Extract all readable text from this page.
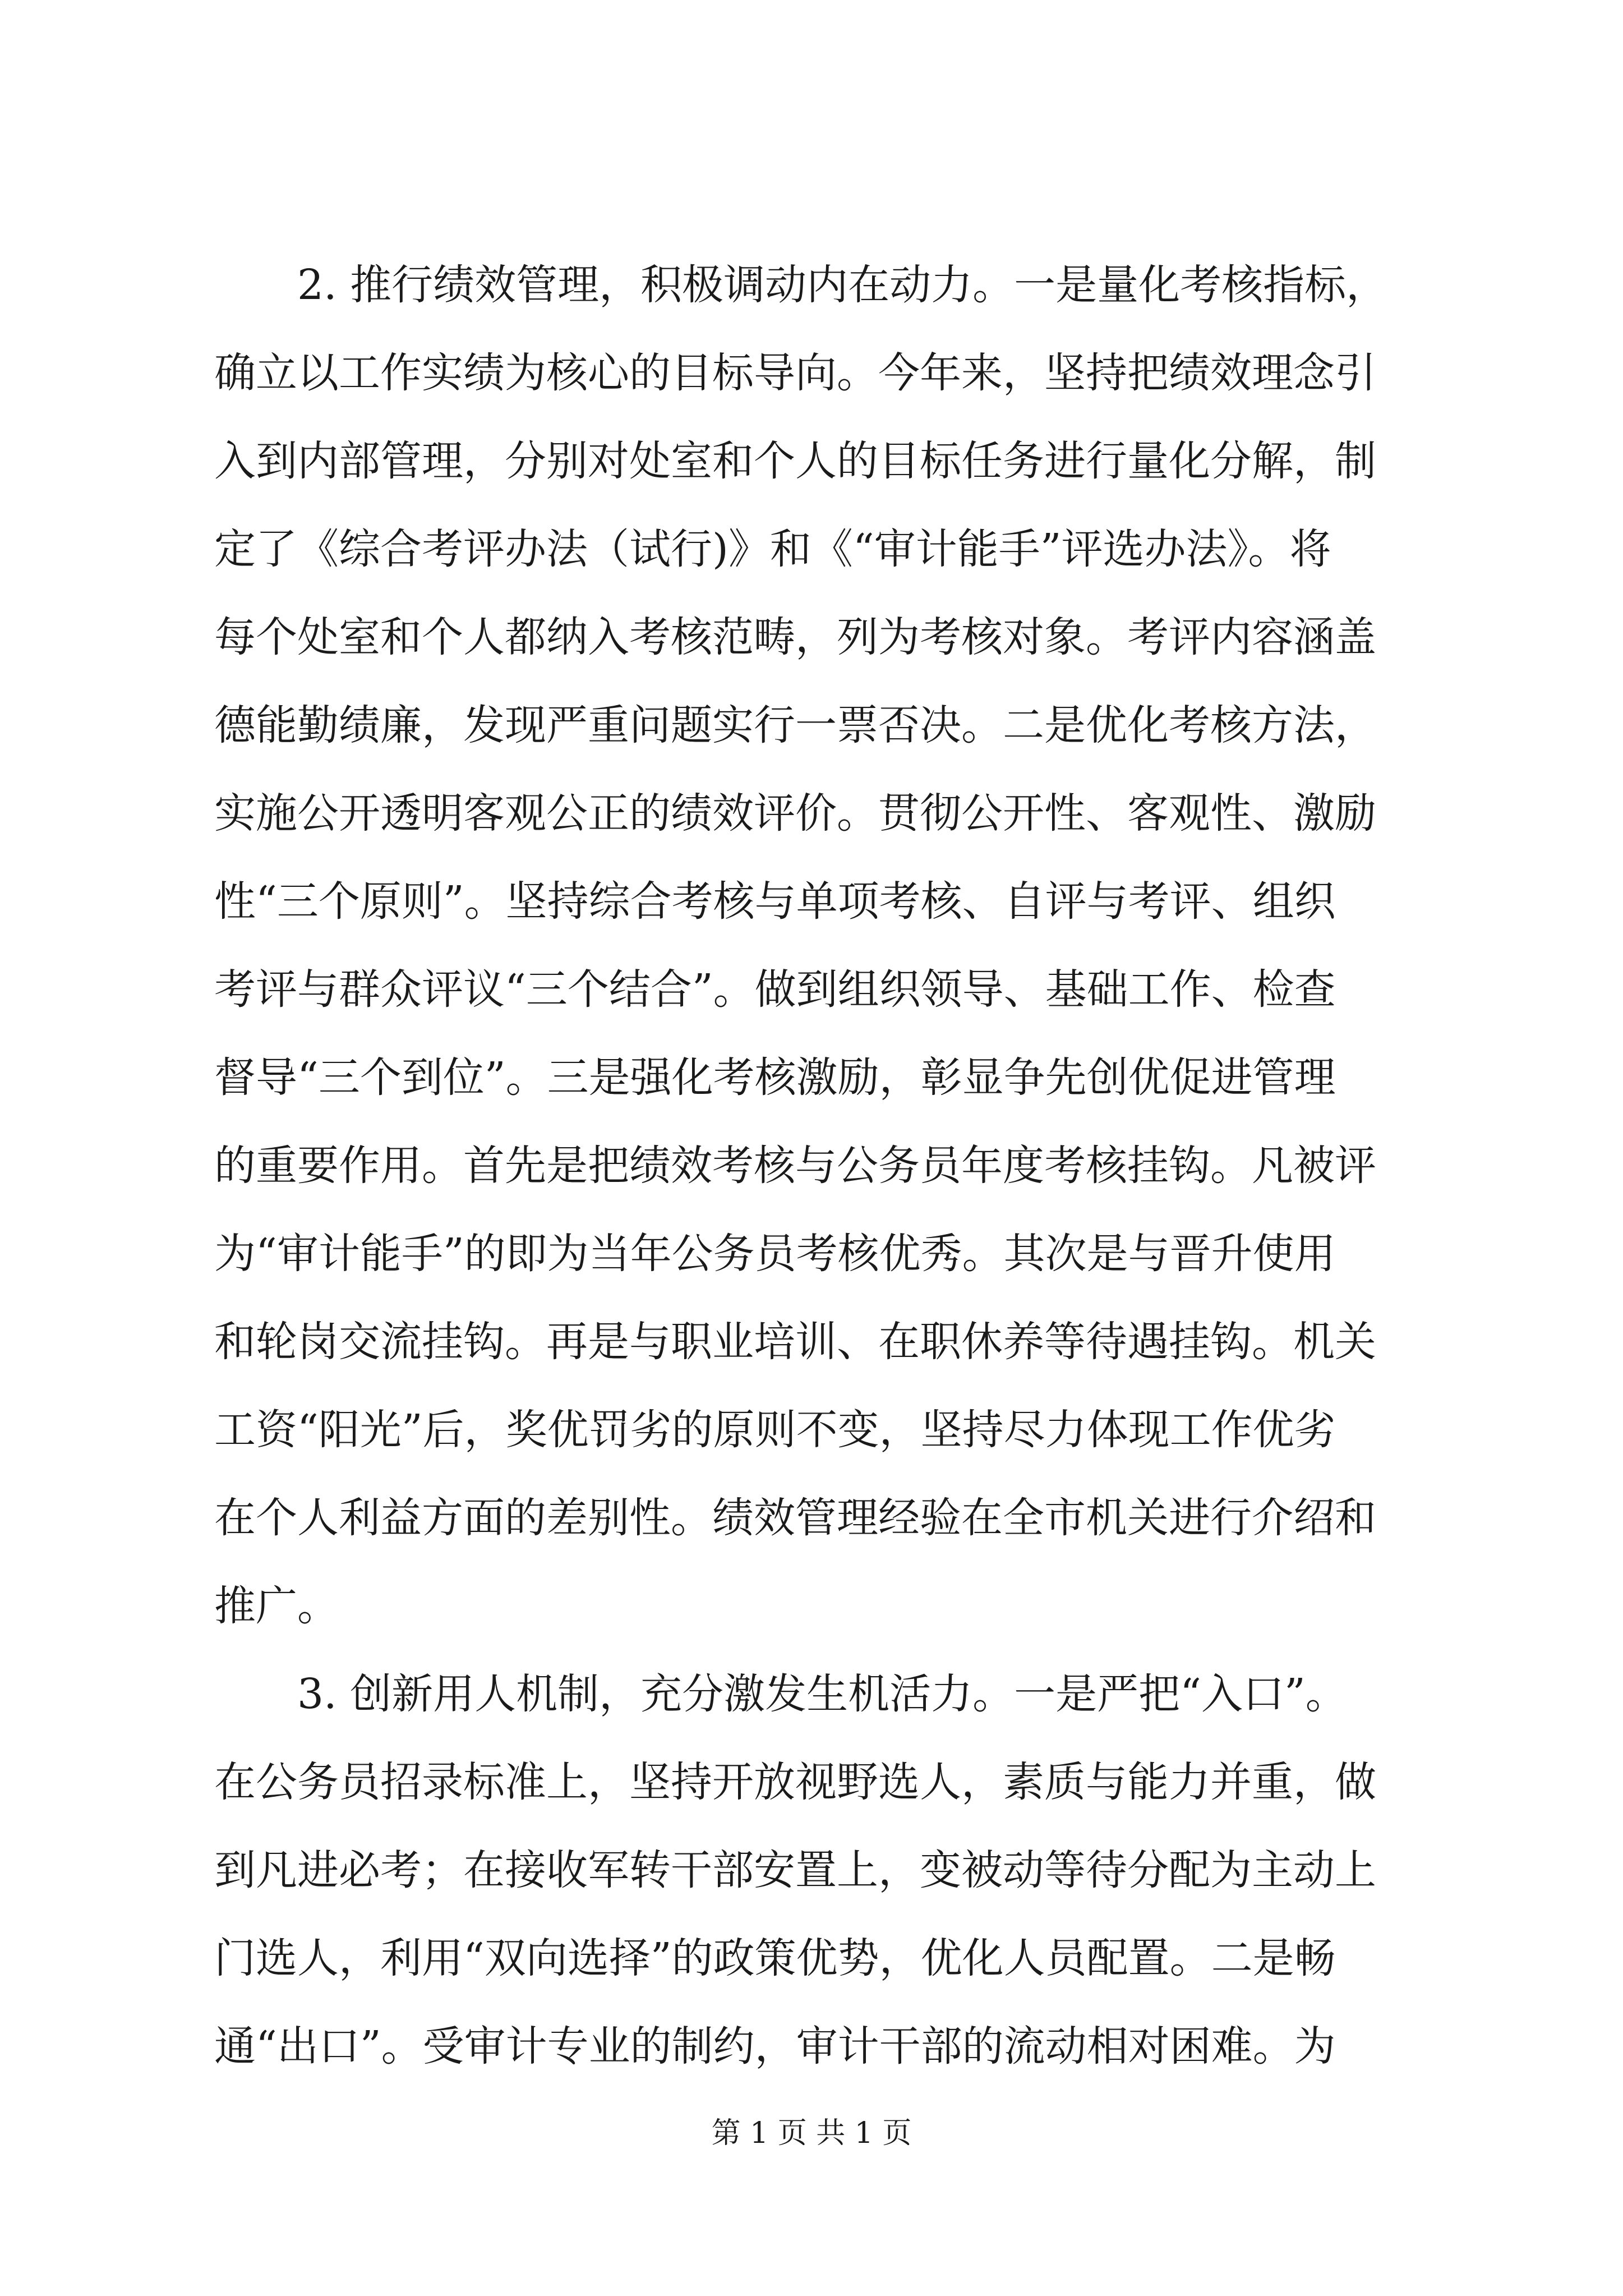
　　2. 推行绩效管理，积极调动内在动力。一是量化考核指标，
确立以工作实绩为核心的目标导向。今年来，坚持把绩效理念引
入到内部管理，分别对处室和个人的目标任务进行量化分解，制
定了《综合考评办法（试行)》和《“审计能手”评选办法》。将
每个处室和个人都纳入考核范畴，列为考核对象。考评内容涵盖
德能勤绩廉，发现严重问题实行一票否决。二是优化考核方法，
实施公开透明客观公正的绩效评价。贯彻公开性、客观性、激励
性“三个原则”。坚持综合考核与单项考核、自评与考评、组织
考评与群众评议“三个结合”。做到组织领导、基础工作、检查
督导“三个到位”。三是强化考核激励，彰显争先创优促进管理
的重要作用。首先是把绩效考核与公务员年度考核挂钩。凡被评
为“审计能手”的即为当年公务员考核优秀。其次是与晋升使用
和轮岗交流挂钩。再是与职业培训、在职休养等待遇挂钩。机关
工资“阳光”后，奖优罚劣的原则不变，坚持尽力体现工作优劣
在个人利益方面的差别性。绩效管理经验在全市机关进行介绍和
推广。
　　3. 创新用人机制，充分激发生机活力。一是严把“入口”。
在公务员招录标准上，坚持开放视野选人，素质与能力并重，做
到凡进必考；在接收军转干部安置上，变被动等待分配为主动上
门选人，利用“双向选择”的政策优势，优化人员配置。二是畅
通“出口”。受审计专业的制约，审计干部的流动相对困难。为
第 1 页 共 1 页
